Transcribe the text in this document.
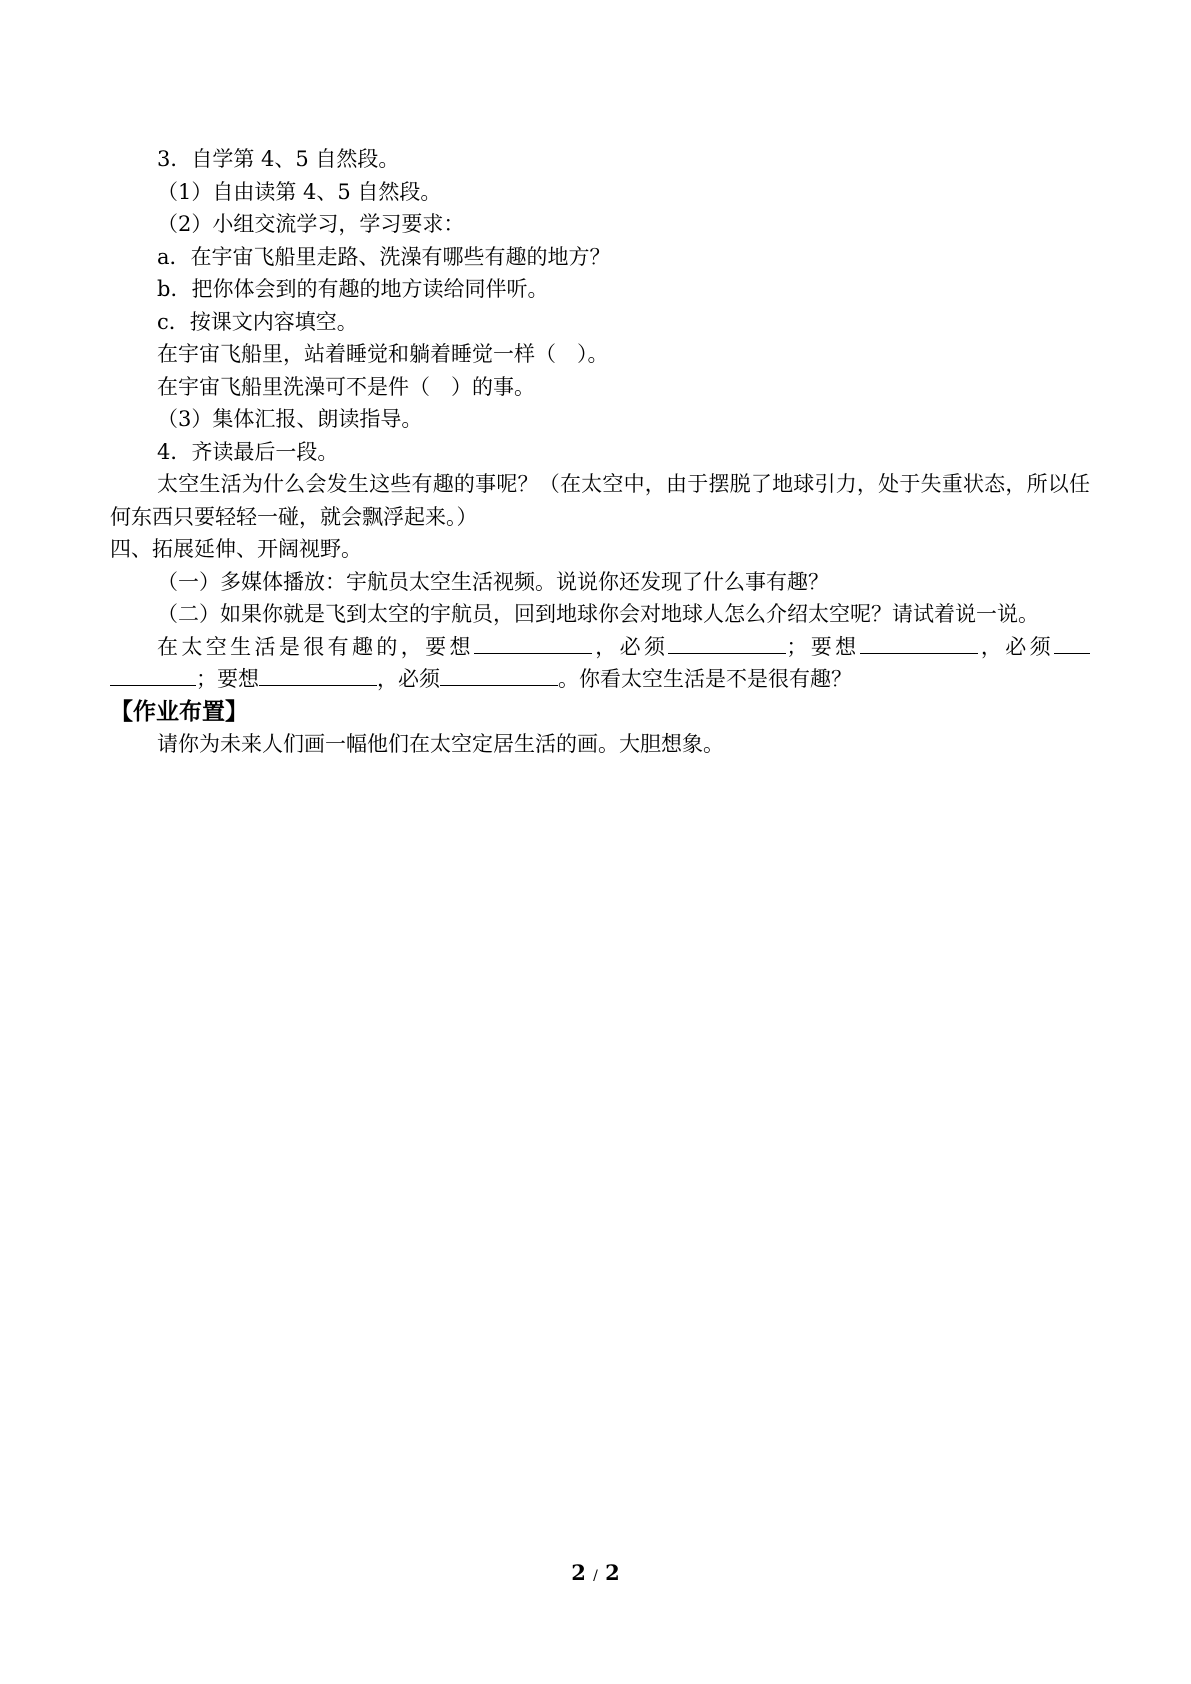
3．自学第 4、5 自然段。
（1）自由读第 4、5 自然段。
（2）小组交流学习，学习要求：
a．在宇宙飞船里走路、洗澡有哪些有趣的地方？
b．把你体会到的有趣的地方读给同伴听。
c．按课文内容填空。
在宇宙飞船里，站着睡觉和躺着睡觉一样（　）。
在宇宙飞船里洗澡可不是件（　）的事。
（3）集体汇报、朗读指导。
4．齐读最后一段。
太空生活为什么会发生这些有趣的事呢？（在太空中，由于摆脱了地球引力，处于失重状态，所以任何东西只要轻轻一碰，就会飘浮起来。）
四、拓展延伸、开阔视野。
（一）多媒体播放：宇航员太空生活视频。说说你还发现了什么事有趣？
（二）如果你就是飞到太空的宇航员，回到地球你会对地球人怎么介绍太空呢？请试着说一说。
在太空生活是很有趣的，要想	，必须	；要想	，必须；要想	，必须	。你看太空生活是不是很有趣？
【作业布置】
请你为未来人们画一幅他们在太空定居生活的画。大胆想象。
2 / 2
